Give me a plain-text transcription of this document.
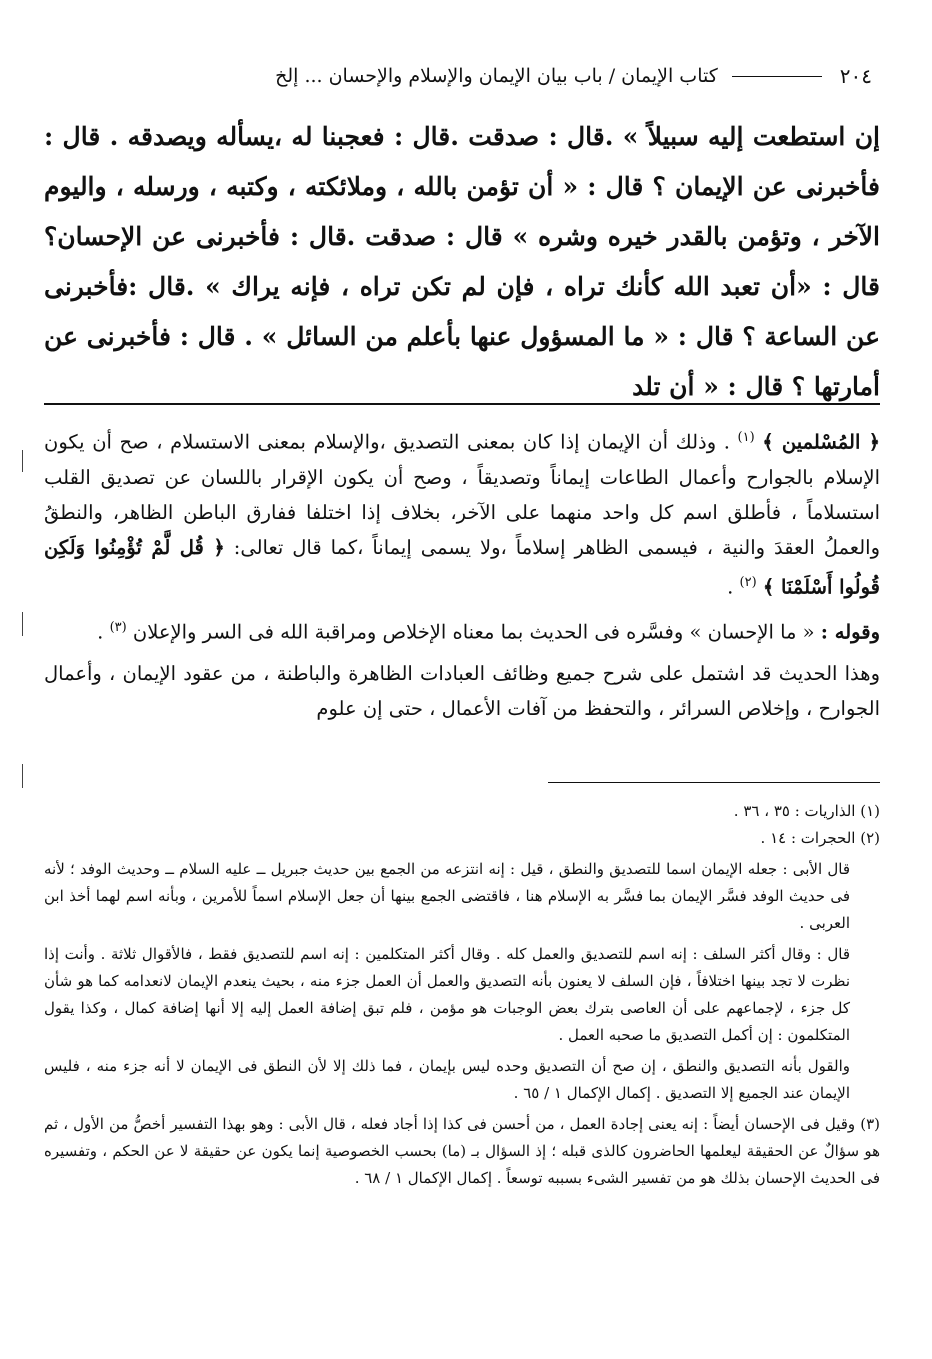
٢٠٤
كتاب الإيمان / باب بيان الإيمان والإسلام والإحسان ... إلخ

إن استطعت إليه سبيلاً » .قال : صدقت .قال : فعجبنا له ،يسأله ويصدقه . قال : فأخبرنى عن الإيمان ؟ قال : « أن تؤمن بالله ، وملائكته ، وكتبه ، ورسله ، واليوم الآخر ، وتؤمن بالقدر خيره وشره » قال : صدقت .قال : فأخبرنى عن الإحسان؟ قال : «أن تعبد الله كأنك تراه ، فإن لم تكن تراه ، فإنه يراك » .قال :فأخبرنى عن الساعة ؟ قال : « ما المسؤول عنها بأعلم من السائل » . قال : فأخبرنى عن أمارتها ؟ قال : « أن تلد

﴿ المُسْلمين ﴾ $^{(١)}$ . وذلك أن الإيمان إذا كان بمعنى التصديق ،والإسلام بمعنى الاستسلام ، صح أن يكون الإسلام بالجوارح وأعمال الطاعات إيماناً وتصديقاً ، وصح أن يكون الإقرار باللسان عن تصديق القلب استسلاماً ، فأطلق اسم كل واحد منهما على الآخر، بخلاف إذا اختلفا ففارق الباطن الظاهر، والنطقُ والعملُ العقدَ والنية ، فيسمى الظاهر إسلاماً ،ولا يسمى إيماناً ،كما قال تعالى: ﴿ قُل لَّمْ تُؤْمِنُوا وَلَكِن قُولُوا أَسْلَمْنَا ﴾ $^{(٢)}$ .

وقوله : « ما الإحسان » وفسَّره فى الحديث بما معناه الإخلاص ومراقبة الله فى السر والإعلان $^{(٣)}$ .

وهذا الحديث قد اشتمل على شرح جميع وظائف العبادات الظاهرة والباطنة ، من عقود الإيمان ، وأعمال الجوارح ، وإخلاص السرائر ، والتحفظ من آفات الأعمال ، حتى إن علوم

(١) الذاريات : ٣٥ ، ٣٦ .

(٢) الحجرات : ١٤ .

قال الأبى : جعله الإيمان اسما للتصديق والنطق ، قيل : إنه انتزعه من الجمع بين حديث جبريل ــ عليه السلام ــ وحديث الوفد ؛ لأنه فى حديث الوفد فسَّر الإيمان بما فسَّر به الإسلام هنا ، فاقتضى الجمع بينها أن جعل الإسلام اسماً للأمرين ، وبأنه اسم لهما أخذ ابن العربى .

قال : وقال أكثر السلف : إنه اسم للتصديق والعمل كله . وقال أكثر المتكلمين : إنه اسم للتصديق فقط ، فالأقوال ثلاثة . وأنت إذا نظرت لا تجد بينها اختلافاً ، فإن السلف لا يعنون بأنه التصديق والعمل أن العمل جزء منه ، بحيث ينعدم الإيمان لانعدامه كما هو شأن كل جزء ، لإجماعهم على أن العاصى بترك بعض الوجبات هو مؤمن ، فلم تبق إضافة العمل إليه إلا أنها إضافة كمال ، وكذا يقول المتكلمون : إن أكمل التصديق ما صحبه العمل .

والقول بأنه التصديق والنطق ، إن صح أن التصديق وحده ليس بإيمان ، فما ذلك إلا لأن النطق فى الإيمان لا أنه جزء منه ، فليس الإيمان عند الجميع إلا التصديق . إكمال الإكمال ١ / ٦٥ .

(٣) وقيل فى الإحسان أيضاً : إنه يعنى إجادة العمل ، من أحسن فى كذا إذا أجاد فعله ، قال الأبى : وهو بهذا التفسير أخصُّ من الأول ، ثم هو سؤالٌ عن الحقيقة ليعلمها الحاضرون كالذى قبله ؛ إذ السؤال بـ (ما) بحسب الخصوصية إنما يكون عن حقيقة لا عن الحكم ، وتفسيره فى الحديث الإحسان بذلك هو من تفسير الشىء بسببه توسعاً . إكمال الإكمال ١ / ٦٨ .
